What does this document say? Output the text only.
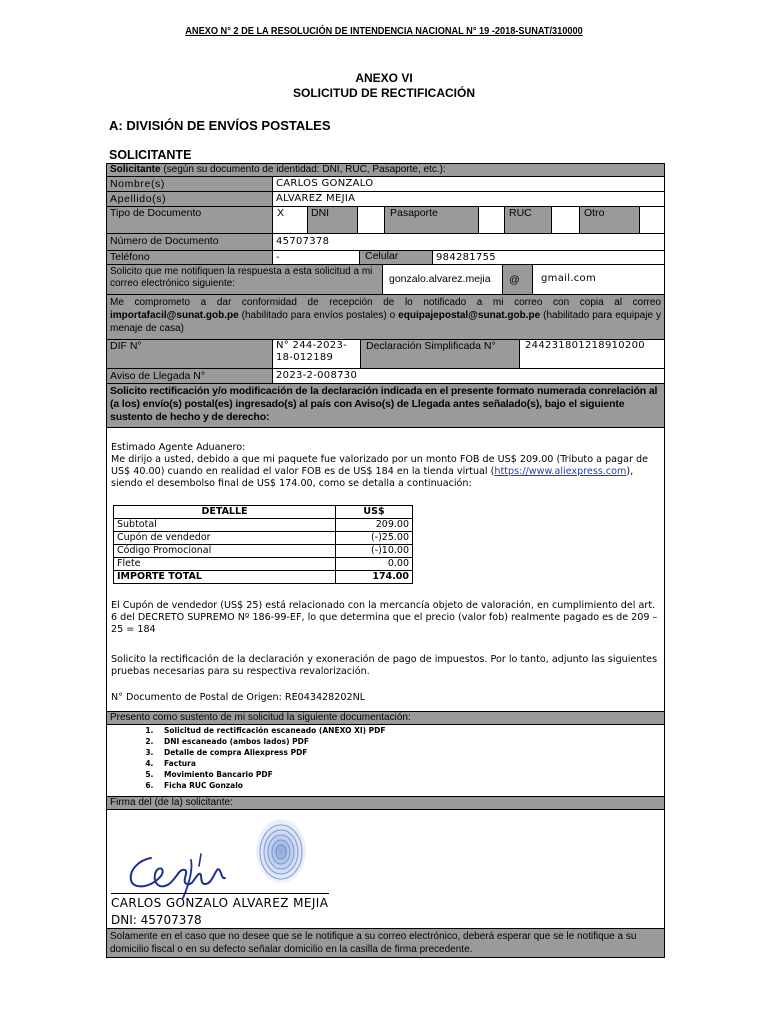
ANEXO N° 2 DE LA RESOLUCIÓN DE INTENDENCIA NACIONAL N° 19 -2018-SUNAT/310000
ANEXO VI
SOLICITUD DE RECTIFICACIÓN
A: DIVISIÓN DE ENVÍOS POSTALES
SOLICITANTE
Solicitante (según su documento de identidad: DNI, RUC, Pasaporte, etc.):
Nombre(s)	CARLOS GONZALO
Apellido(s)	ALVAREZ MEJIA
Tipo de Documento	X	DNI	Pasaporte	RUC	Otro
Número de Documento	45707378
Teléfono	-	Celular	984281755
Solicito que me notifiquen la respuesta a esta solicitud a mi correo electrónico siguiente:	gonzalo.alvarez.mejia	@	gmail.com
Me comprometo a dar conformidad de recepción de lo notificado a mi correo con copia al correo importafacil@sunat.gob.pe (habilitado para envíos postales) o equipajepostal@sunat.gob.pe (habilitado para equipaje y menaje de casa)
DIF N°	N° 244-2023-18-012189
Declaración Simplificada N°	244231801218910200
Aviso de Llegada N°	2023-2-008730
Solicito rectificación y/o modificación de la declaración indicada en el presente formato numerada conrelación al (a los) envío(s) postal(es) ingresado(s) al país con Aviso(s) de Llegada antes señalado(s), bajo el siguiente sustento de hecho y de derecho:
Estimado Agente Aduanero:
Me dirijo a usted, debido a que mi paquete fue valorizado por un monto FOB de US$ 209.00 (Tributo a pagar de US$ 40.00) cuando en realidad el valor FOB es de US$ 184 en la tienda virtual (https://www.aliexpress.com), siendo el desembolso final de US$ 174.00, como se detalla a continuación:
DETALLE	US$
Subtotal	209.00
Cupón de vendedor	(-)25.00
Código Promocional	(-)10.00
Flete	0.00
IMPORTE TOTAL	174.00
El Cupón de vendedor (US$ 25) está relacionado con la mercancía objeto de valoración, en cumplimiento del art. 6 del DECRETO SUPREMO Nº 186-99-EF, lo que determina que el precio (valor fob) realmente pagado es de 209 – 25 = 184
Solicito la rectificación de la declaración y exoneración de pago de impuestos. Por lo tanto, adjunto las siguientes pruebas necesarias para su respectiva revalorización.
N° Documento de Postal de Origen: RE043428202NL
Presento como sustento de mi solicitud la siguiente documentación:
1. Solicitud de rectificación escaneado (ANEXO XI) PDF
2. DNI escaneado (ambos lados) PDF
3. Detalle de compra Aliexpress PDF
4. Factura
5. Movimiento Bancario PDF
6. Ficha RUC Gonzalo
Firma del (de la) solicitante:
CARLOS GONZALO ALVAREZ MEJIA
DNI: 45707378
Solamente en el caso que no desee que se le notifique a su correo electrónico, deberá esperar que se le notifique a su domicilio fiscal o en su defecto señalar domicilio en la casilla de firma precedente.
